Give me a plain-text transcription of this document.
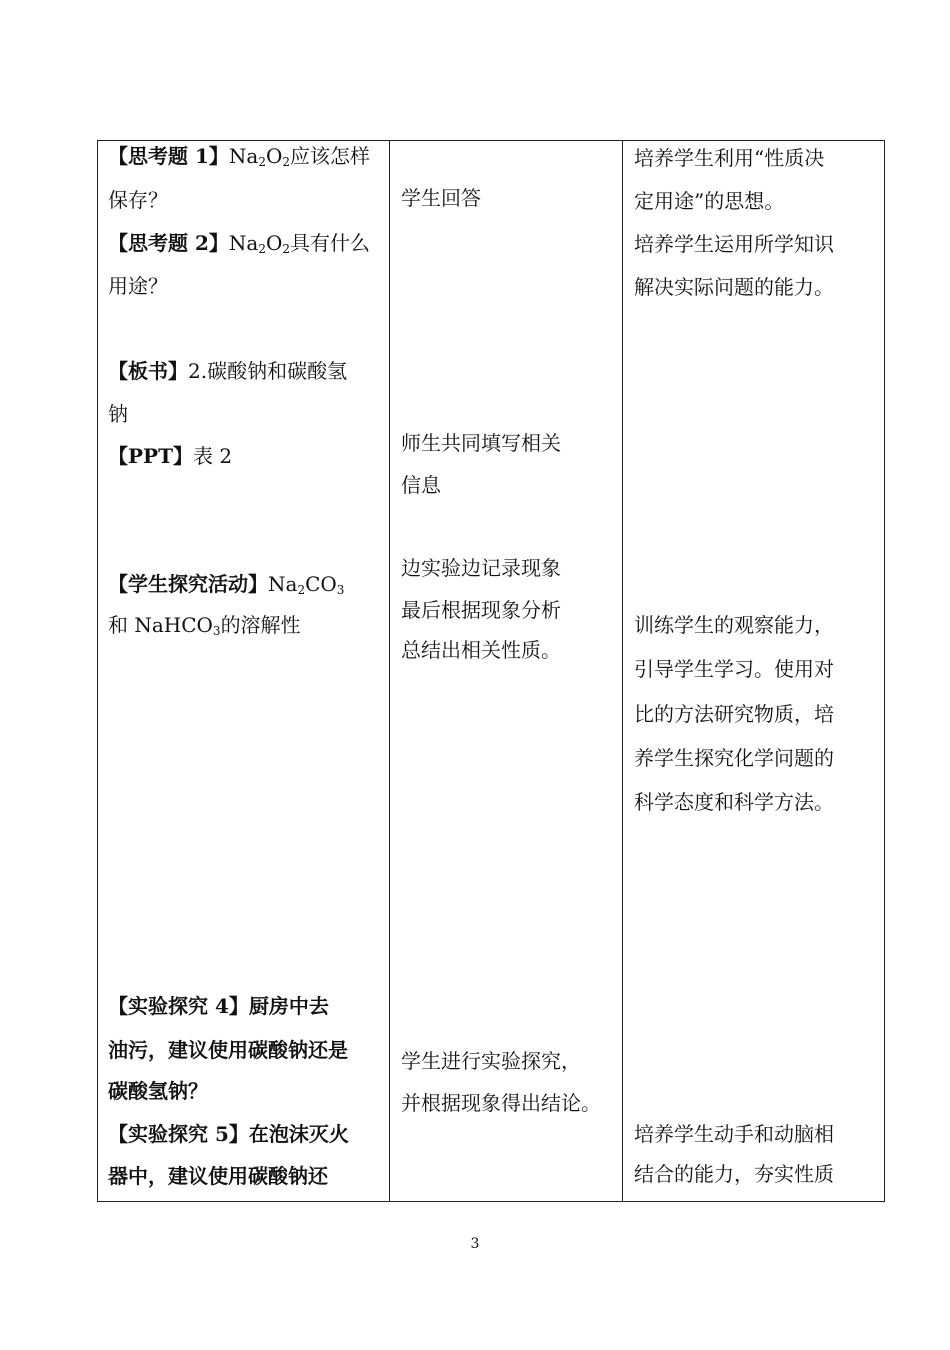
【思考题 1】$Na_2O_2$应该怎样
保存？
【思考题 2】$Na_2O_2$具有什么
用途？
【板书】2.碳酸钠和碳酸氢
钠
【PPT】表 2
【学生探究活动】$Na_2CO_3$
和 NaHCO$_3$的溶解性
【实验探究 4】厨房中去
油污，建议使用碳酸钠还是
碳酸氢钠？
【实验探究 5】在泡沫灭火
器中，建议使用碳酸钠还
学生回答
师生共同填写相关
信息
边实验边记录现象
最后根据现象分析
总结出相关性质。
学生进行实验探究，
并根据现象得出结论。
培养学生利用“性质决
定用途”的思想。
培养学生运用所学知识
解决实际问题的能力。
训练学生的观察能力，
引导学生学习。使用对
比的方法研究物质，培
养学生探究化学问题的
科学态度和科学方法。
培养学生动手和动脑相
结合的能力，夯实性质
3
